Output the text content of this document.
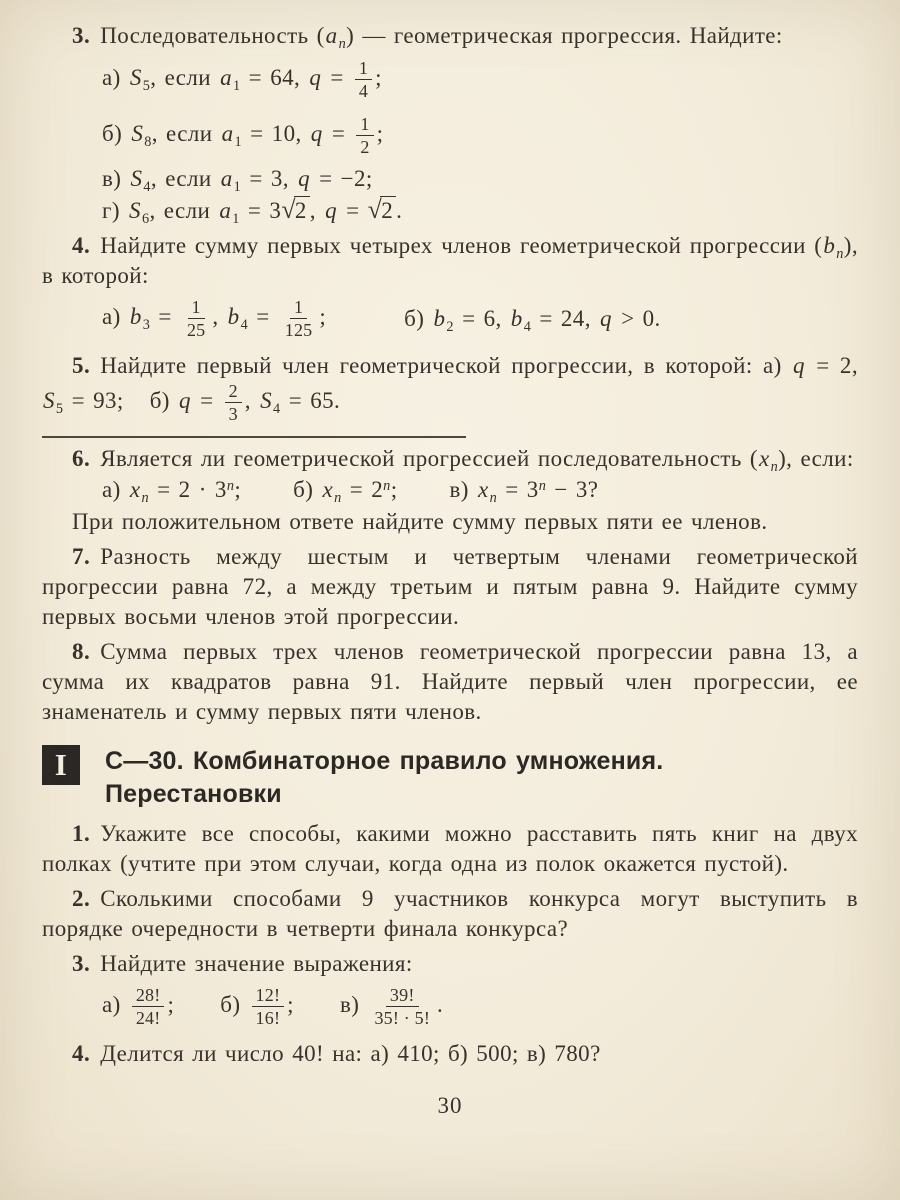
3. Последовательность $(a_n)$ — геометрическая прогрессия. Найдите:

а) $S_5$, если $a_1 = 64$, $q = \frac{1}{4}$ ;
б) $S_8$, если $a_1 = 10$, $q = \frac{1}{2}$ ;
в) $S_4$, если $a_1 = 3$, q = −2;
г) $S_6$, если $a_1 = 3√2$ , q = √2 .

4. Найдите сумму первых четырех членов геометрической прогрессии $(b_n)$, в которой:

а) $b_3 = \frac{1}{25}$ , $b_4 = \frac{1}{125}$ ;	б) $b_2 = 6$, $b_4 = 24$, q > 0.

5. Найдите первый член геометрической прогрессии, в которой: а) q = 2, $S_5 = 93$; б) $q = \frac{2}{3}$ , $S_4 = 65$.

6. Является ли геометрической прогрессией последовательность $(x_n)$, если:

а) $x_n = 2 \cdot 3^n$; б) $x_n = 2^n$; в) $x_n = 3^n - 3$?

При положительном ответе найдите сумму первых пяти ее членов.

7. Разность между шестым и четвертым членами геометрической прогрессии равна 72, а между третьим и пятым равна 9. Найдите сумму первых восьми членов этой прогрессии.

8. Сумма первых трех членов геометрической прогрессии равна 13, а сумма их квадратов равна 91. Найдите первый член прогрессии, ее знаменатель и сумму первых пяти членов.

I	С—30. Комбинаторное правило умножения.
Перестановки

1. Укажите все способы, какими можно расставить пять книг на двух полках (учтите при этом случаи, когда одна из полок окажется пустой).

2. Сколькими способами 9 участников конкурса могут выступить в порядке очередности в четверти финала конкурса?

3. Найдите значение выражения:

$а) \frac{28!}{24!}$ ; $б) \frac{12!}{16!}$ ; $в) \frac{39!}{35! \cdot 5!}$ .

4. Делится ли число 40! на: а) 410; б) 500; в) 780?

30
